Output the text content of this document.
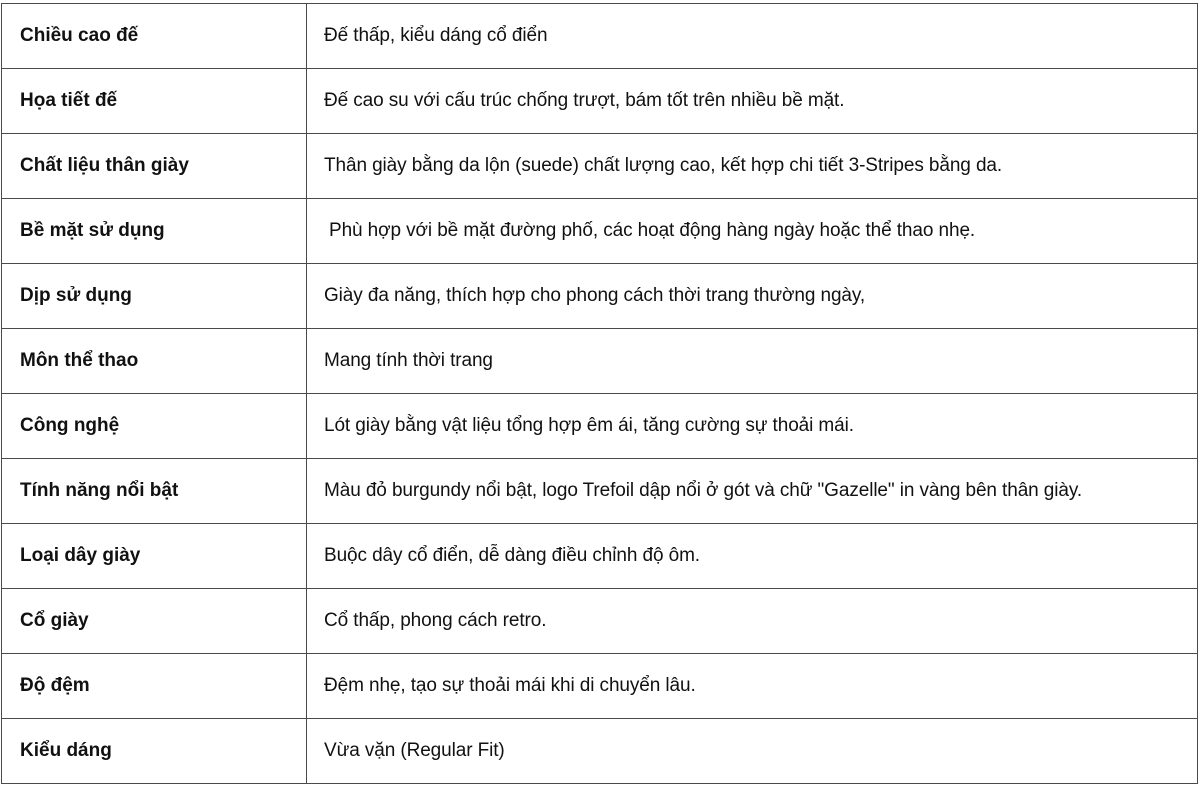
Chiều cao đế	Đế thấp, kiểu dáng cổ điển
Họa tiết đế	Đế cao su với cấu trúc chống trượt, bám tốt trên nhiều bề mặt.
Chất liệu thân giày	Thân giày bằng da lộn (suede) chất lượng cao, kết hợp chi tiết 3-Stripes bằng da.
Bề mặt sử dụng	Phù hợp với bề mặt đường phố, các hoạt động hàng ngày hoặc thể thao nhẹ.
Dịp sử dụng	Giày đa năng, thích hợp cho phong cách thời trang thường ngày,
Môn thể thao	Mang tính thời trang
Công nghệ	Lót giày bằng vật liệu tổng hợp êm ái, tăng cường sự thoải mái.
Tính năng nổi bật	Màu đỏ burgundy nổi bật, logo Trefoil dập nổi ở gót và chữ "Gazelle" in vàng bên thân giày.
Loại dây giày	Buộc dây cổ điển, dễ dàng điều chỉnh độ ôm.
Cổ giày	Cổ thấp, phong cách retro.
Độ đệm	Đệm nhẹ, tạo sự thoải mái khi di chuyển lâu.
Kiểu dáng	Vừa vặn (Regular Fit)
